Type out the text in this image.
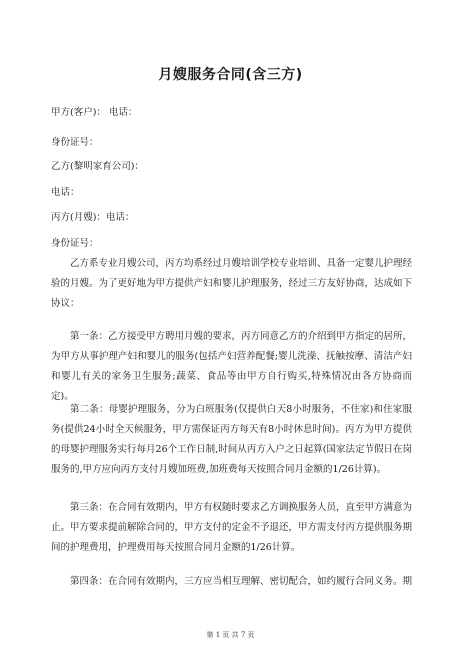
月嫂服务合同(含三方)
甲方(客户)： 电话：
身份证号：
乙方(黎明家育公司)：
电话：
丙方(月嫂)：电话：
身份证号：

乙方系专业月嫂公司，丙方均系经过月嫂培训学校专业培训、具备一定婴儿护理经验的月嫂。为了更好地为甲方提供产妇和婴儿护理服务，经过三方友好协商，达成如下协议：

第一条：乙方接受甲方聘用月嫂的要求，丙方同意乙方的介绍到甲方指定的居所，为甲方从事护理产妇和婴儿的服务(包括产妇营养配餐;婴儿洗澡、抚触按摩、清洁产妇和婴儿有关的家务卫生服务;蔬菜、食品等由甲方自行购买,特殊情况由各方协商而定)。

第二条：母婴护理服务，分为白班服务(仅提供白天8小时服务，不住家)和住家服务(提供24小时全天候服务，甲方需保证丙方每天有8小时休息时间)。丙方为甲方提供的母婴护理服务实行每月26个工作日制,时间从丙方入户之日起算(国家法定节假日在岗服务的,甲方应向丙方支付月嫂加班费,加班费每天按照合同月金额的1/26计算)。

第三条：在合同有效期内，甲方有权随时要求乙方调换服务人员，直至甲方满意为止。甲方要求提前解除合同的，甲方支付的定金不予退还，甲方需支付丙方提供服务期间的护理费用，护理费用每天按照合同月金额的1/26计算。

第四条：在合同有效期内，三方应当相互理解、密切配合，如约履行合同义务。期

第 1 页 共 7 页
